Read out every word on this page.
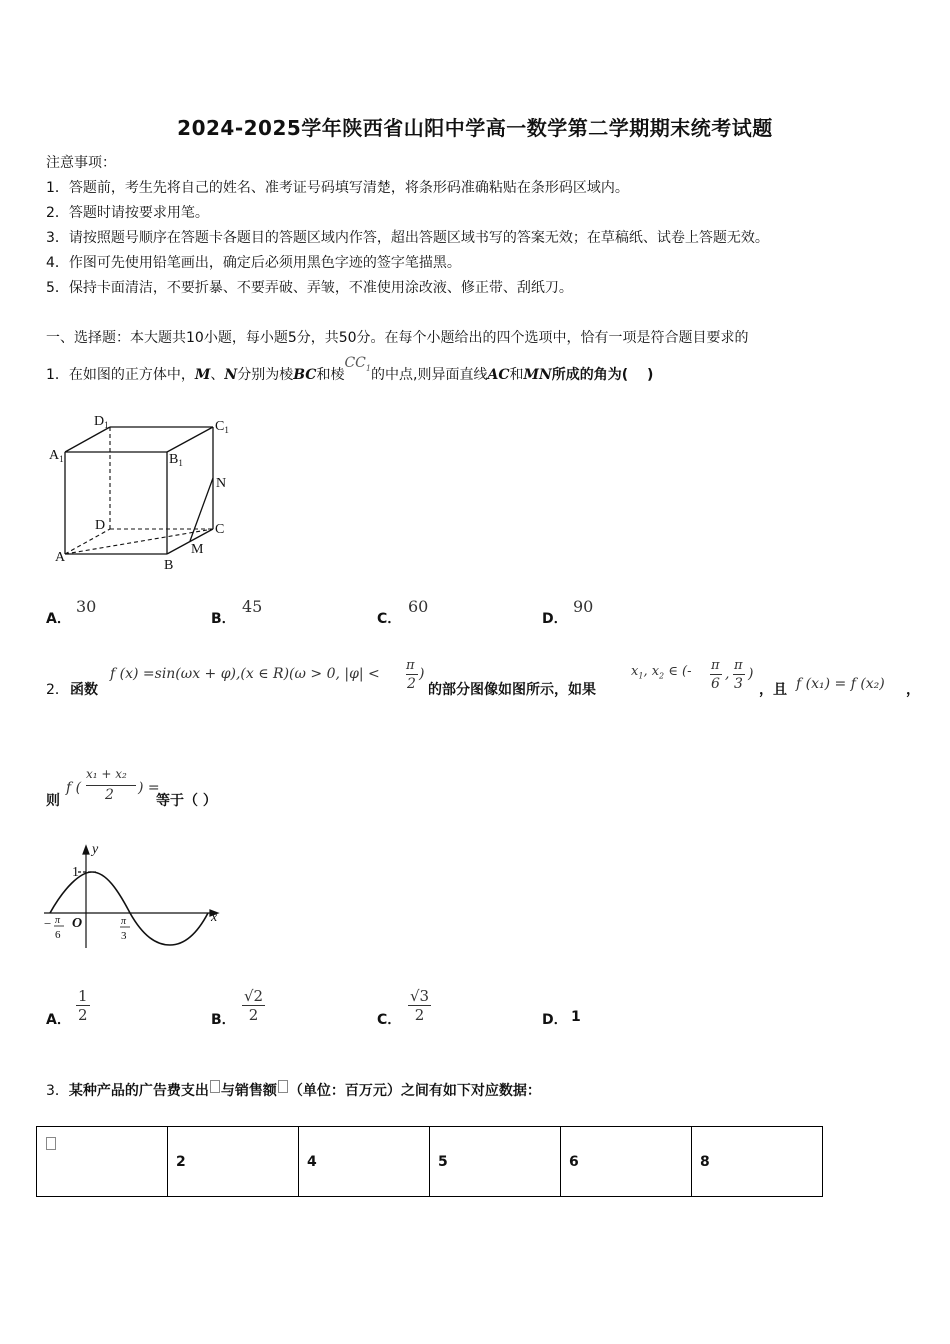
2024-2025学年陕西省山阳中学高一数学第二学期期末统考试题
注意事项：
1．答题前，考生先将自己的姓名、准考证号码填写清楚，将条形码准确粘贴在条形码区域内。
2．答题时请按要求用笔。
3．请按照题号顺序在答题卡各题目的答题区域内作答，超出答题区域书写的答案无效；在草稿纸、试卷上答题无效。
4．作图可先使用铅笔画出，确定后必须用黑色字迹的签字笔描黑。
5．保持卡面清洁，不要折暴、不要弄破、弄皱，不准使用涂改液、修正带、刮纸刀。
一、选择题：本大题共10小题，每小题5分，共50分。在每个小题给出的四个选项中，恰有一项是符合题目要求的
1．在如图的正方体中，M、N分别为棱BC和棱$CC_1$的中点,则异面直线AC和MN所成的角为(　 )
$D_1$	$C_1$
$A_1$	$B_1$
N
D	C
A
M
B
A．
30
B．
45
C．
60
D．
90
2． 函数
f (x) =sin(ωx + φ),(x ∈ R)(ω > 0, |φ| <
π
2
)
的部分图像如图所示，如果
$x_1$, $x_2$ ∈ (- π
6
,
π
3
)
，且 f (x₁) = f (x₂) ，
则
f (
x₁ + x₂
2 ) =
等于（ ）
y
x
1
O
− π
6
π
3
A． $\frac{1}{2}$	B． $\frac{√2}{2}$	C． $\frac{√3}{2}$	D． 1
3．某种产品的广告费支出 与销售额 （单位：百万元）之间有如下对应数据：
	2	4	5	6	8
